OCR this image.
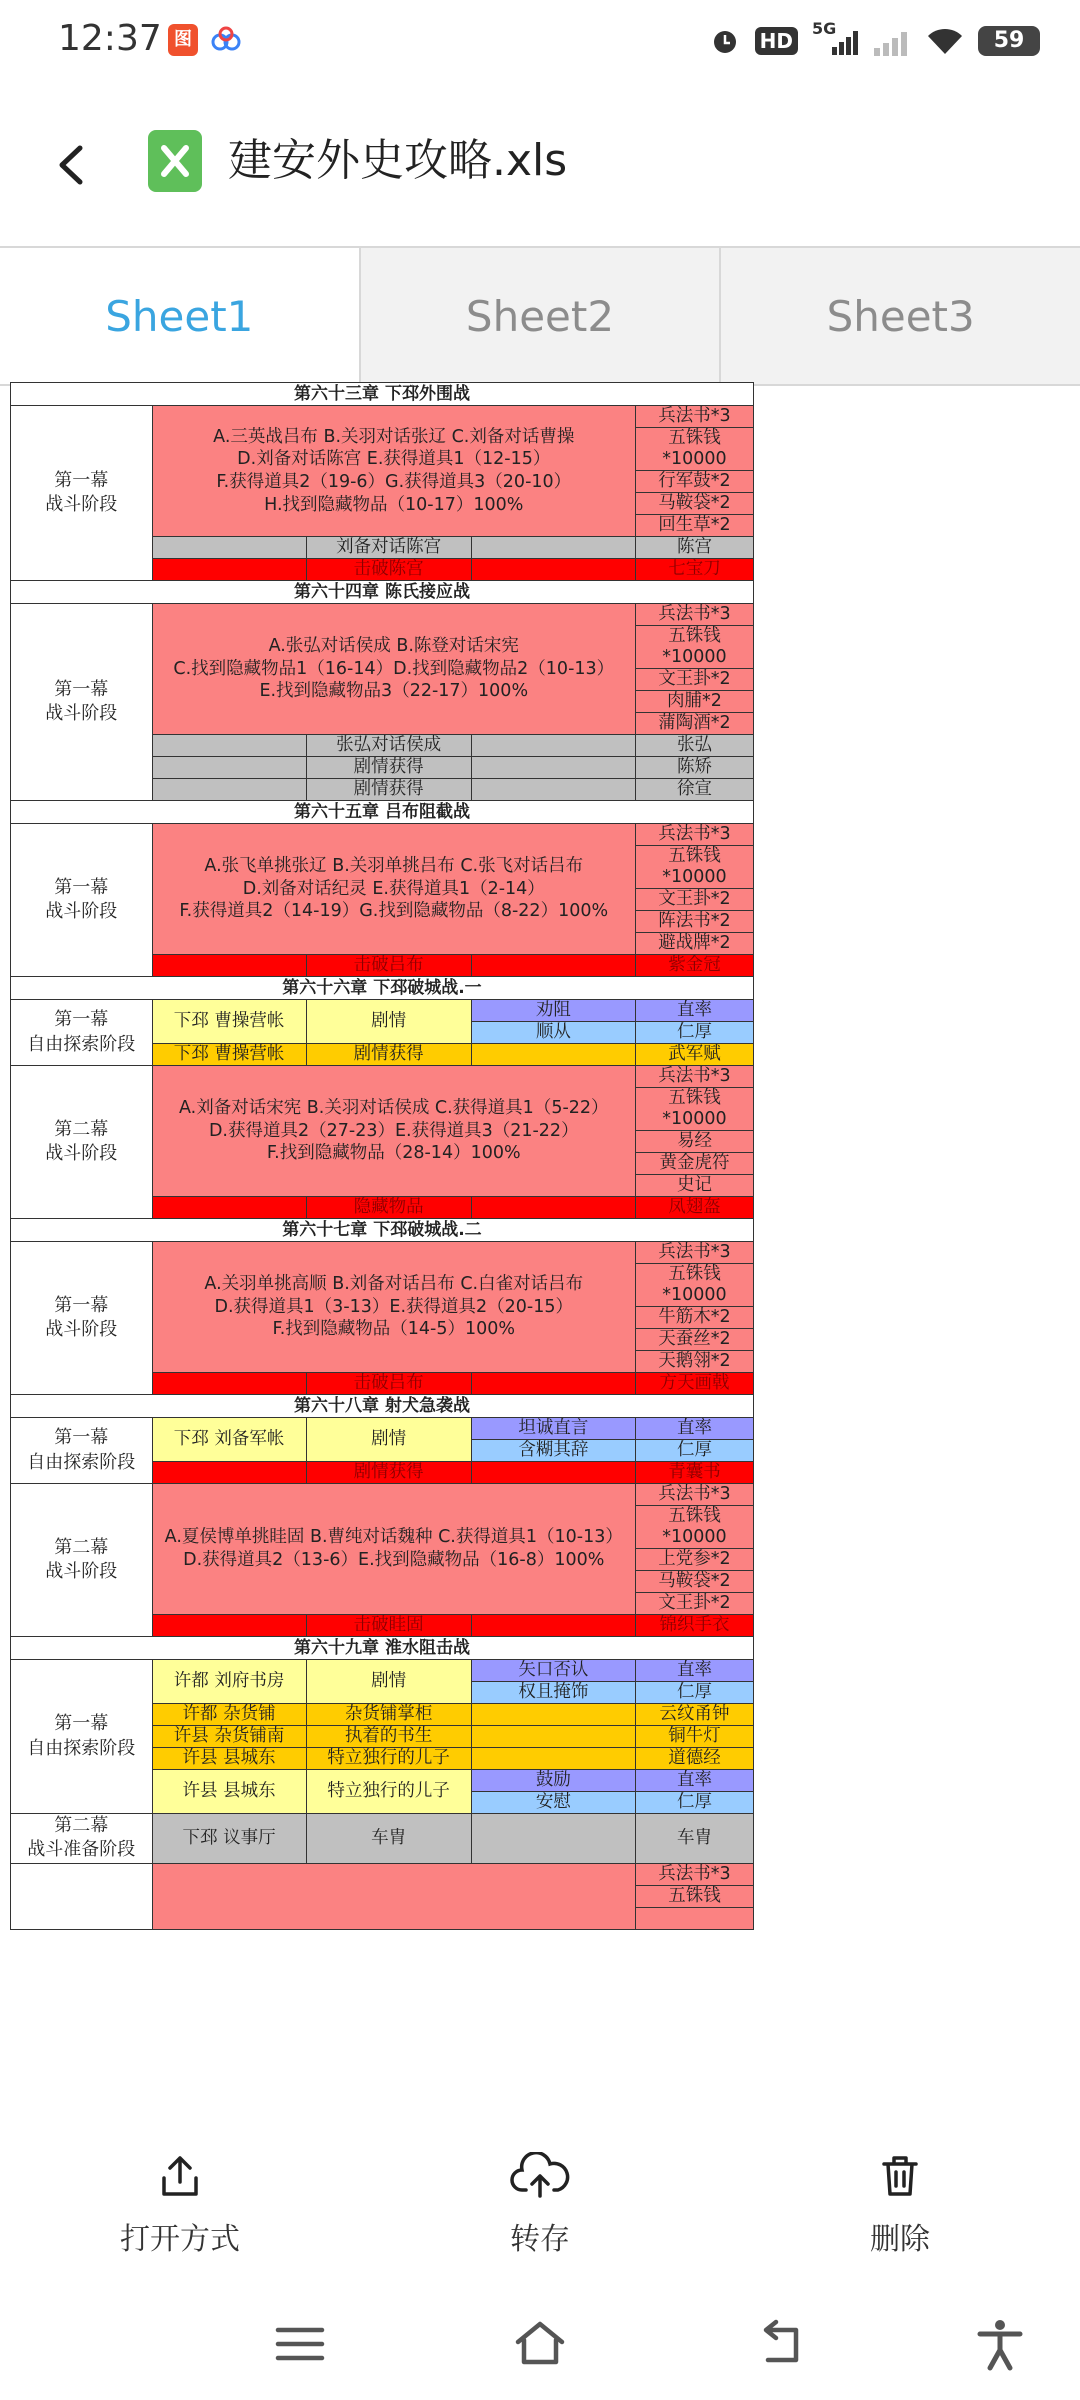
12:37 图	HD
5G	59
建安外史攻略.xls
Sheet1	Sheet2	Sheet3
第六十三章 下邳外围战				
第一幕
战斗阶段	A.三英战吕布 B.关羽对话张辽 C.刘备对话曹操
D.刘备对话陈宫 E.获得道具1（12-15）
F.获得道具2（19-6）G.获得道具3（20-10）
H.找到隐藏物品（10-17）100%			兵法书*3
				五铢钱
*10000

				行军鼓*2
				马鞍袋*2
				回生草*2
		刘备对话陈宫		陈宫
		击破陈宫		七宝刀
第六十四章 陈氏接应战				
第一幕
战斗阶段	A.张弘对话侯成 B.陈登对话宋宪
C.找到隐藏物品1（16-14）D.找到隐藏物品2（10-13）
E.找到隐藏物品3（22-17）100%			兵法书*3
				五铢钱
*10000

				文王卦*2
				肉脯*2
				蒲陶酒*2
		张弘对话侯成		张弘
		剧情获得		陈矫
		剧情获得		徐宣
第六十五章 吕布阻截战				
第一幕
战斗阶段	A.张飞单挑张辽 B.关羽单挑吕布 C.张飞对话吕布
D.刘备对话纪灵 E.获得道具1（2-14）
F.获得道具2（14-19）G.找到隐藏物品（8-22）100%			兵法书*3
				五铢钱
*10000

				文王卦*2
				阵法书*2
				避战牌*2
		击破吕布		紫金冠
第六十六章 下邳破城战.一				
第一幕
自由探索阶段	下邳 曹操营帐	剧情	劝阻	直率
			顺从	仁厚
	下邳 曹操营帐	剧情获得		武军赋
第二幕
战斗阶段	A.刘备对话宋宪 B.关羽对话侯成 C.获得道具1（5-22）
D.获得道具2（27-23）E.获得道具3（21-22）
F.找到隐藏物品（28-14）100%			兵法书*3
				五铢钱
*10000

				易经
				黄金虎符
				史记
		隐藏物品		凤翅盔
第六十七章 下邳破城战.二				
第一幕
战斗阶段	A.关羽单挑高顺 B.刘备对话吕布 C.白雀对话吕布
D.获得道具1（3-13）E.获得道具2（20-15）
F.找到隐藏物品（14-5）100%			兵法书*3
				五铢钱
*10000

				牛筋木*2
				天蚕丝*2
				天鹅翎*2
		击破吕布		方天画戟
第六十八章 射犬急袭战				
第一幕
自由探索阶段	下邳 刘备军帐	剧情	坦诚直言	直率
			含糊其辞	仁厚
		剧情获得		青囊书
第二幕
战斗阶段	A.夏侯博单挑眭固 B.曹纯对话魏种 C.获得道具1（10-13）
D.获得道具2（13-6）E.找到隐藏物品（16-8）100%			兵法书*3
				五铢钱
*10000

				上党参*2
				马鞍袋*2
				文王卦*2
		击破眭固		锦织手衣
第六十九章 淮水阻击战				
第一幕
自由探索阶段	许都 刘府书房	剧情	矢口否认	直率
			权且掩饰	仁厚
	许都 杂货铺	杂货铺掌柜		云纹甬钟
	许县 杂货铺南	执着的书生		铜牛灯
	许县 县城东	特立独行的儿子		道德经
	许县 县城东	特立独行的儿子	鼓励	直率
			安慰	仁厚
第二幕
战斗准备阶段	下邳 议事厅	车胄		车胄

				兵法书*3
				五铢钱

打开方式	转存	删除
